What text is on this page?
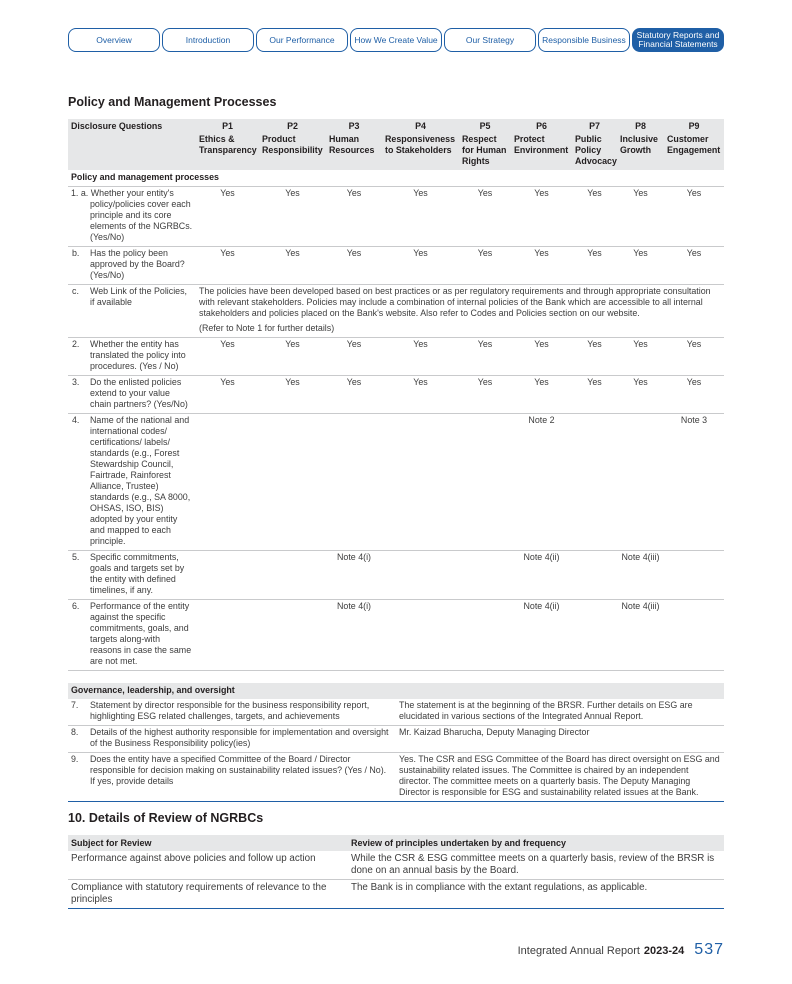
Overview	Introduction	Our Performance	How We Create Value	Our Strategy	Responsible Business	Statutory Reports and Financial Statements
Policy and Management Processes
Disclosure Questions	P1	P2	P3	P4	P5	P6	P7	P8	P9
	Ethics & Transparency	Product Responsibility	Human Resources	Responsiveness to Stakeholders	Respect for Human Rights	Protect Environment	Public Policy Advocacy	Inclusive Growth	Customer Engagement
Policy and management processes									
1. a. Whether your entity's policy/policies cover each principle and its core elements of the NGRBCs. (Yes/No)	Yes	Yes	Yes	Yes	Yes	Yes	Yes	Yes	Yes
b. Has the policy been approved by the Board? (Yes/No)	Yes	Yes	Yes	Yes	Yes	Yes	Yes	Yes	Yes
c. Web Link of the Policies, if available	The policies have been developed based on best practices or as per regulatory requirements and through appropriate consultation with relevant stakeholders. Policies may include a combination of internal policies of the Bank which are accessible to all internal stakeholders and policies placed on the Bank's website. Also refer to Codes and Policies section on our website.
(Refer to Note 1 for further details)								

2. Whether the entity has translated the policy into procedures. (Yes / No)	Yes	Yes	Yes	Yes	Yes	Yes	Yes	Yes	Yes
3. Do the enlisted policies extend to your value chain partners? (Yes/No)	Yes	Yes	Yes	Yes	Yes	Yes	Yes	Yes	Yes
4. Name of the national and international codes/ certifications/ labels/ standards (e.g., Forest Stewardship Council, Fairtrade, Rainforest Alliance, Trustee) standards (e.g., SA 8000, OHSAS, ISO, BIS) adopted by your entity and mapped to each principle.						Note 2			Note 3
5. Specific commitments, goals and targets set by the entity with defined timelines, if any.			Note 4(i)			Note 4(ii)		Note 4(iii)	
6. Performance of the entity against the specific commitments, goals, and targets along-with reasons in case the same are not met.			Note 4(i)			Note 4(ii)		Note 4(iii)	
Governance, leadership, and oversight	
7. Statement by director responsible for the business responsibility report, highlighting ESG related challenges, targets, and achievements	The statement is at the beginning of the BRSR. Further details on ESG are elucidated in various sections of the Integrated Annual Report.
8. Details of the highest authority responsible for implementation and oversight of the Business Responsibility policy(ies)	Mr. Kaizad Bharucha, Deputy Managing Director
9. Does the entity have a specified Committee of the Board / Director responsible for decision making on sustainability related issues? (Yes / No). If yes, provide details	Yes. The CSR and ESG Committee of the Board has direct oversight on ESG and sustainability related issues. The Committee is chaired by an independent director. The committee meets on a quarterly basis. The Deputy Managing Director is responsible for ESG and sustainability related issues at the Bank.
10. Details of Review of NGRBCs
Subject for Review	Review of principles undertaken by and frequency
Performance against above policies and follow up action	While the CSR & ESG committee meets on a quarterly basis, review of the BRSR is done on an annual basis by the Board.
Compliance with statutory requirements of relevance to the principles	The Bank is in compliance with the extant regulations, as applicable.
Integrated Annual Report 2023-24 537
